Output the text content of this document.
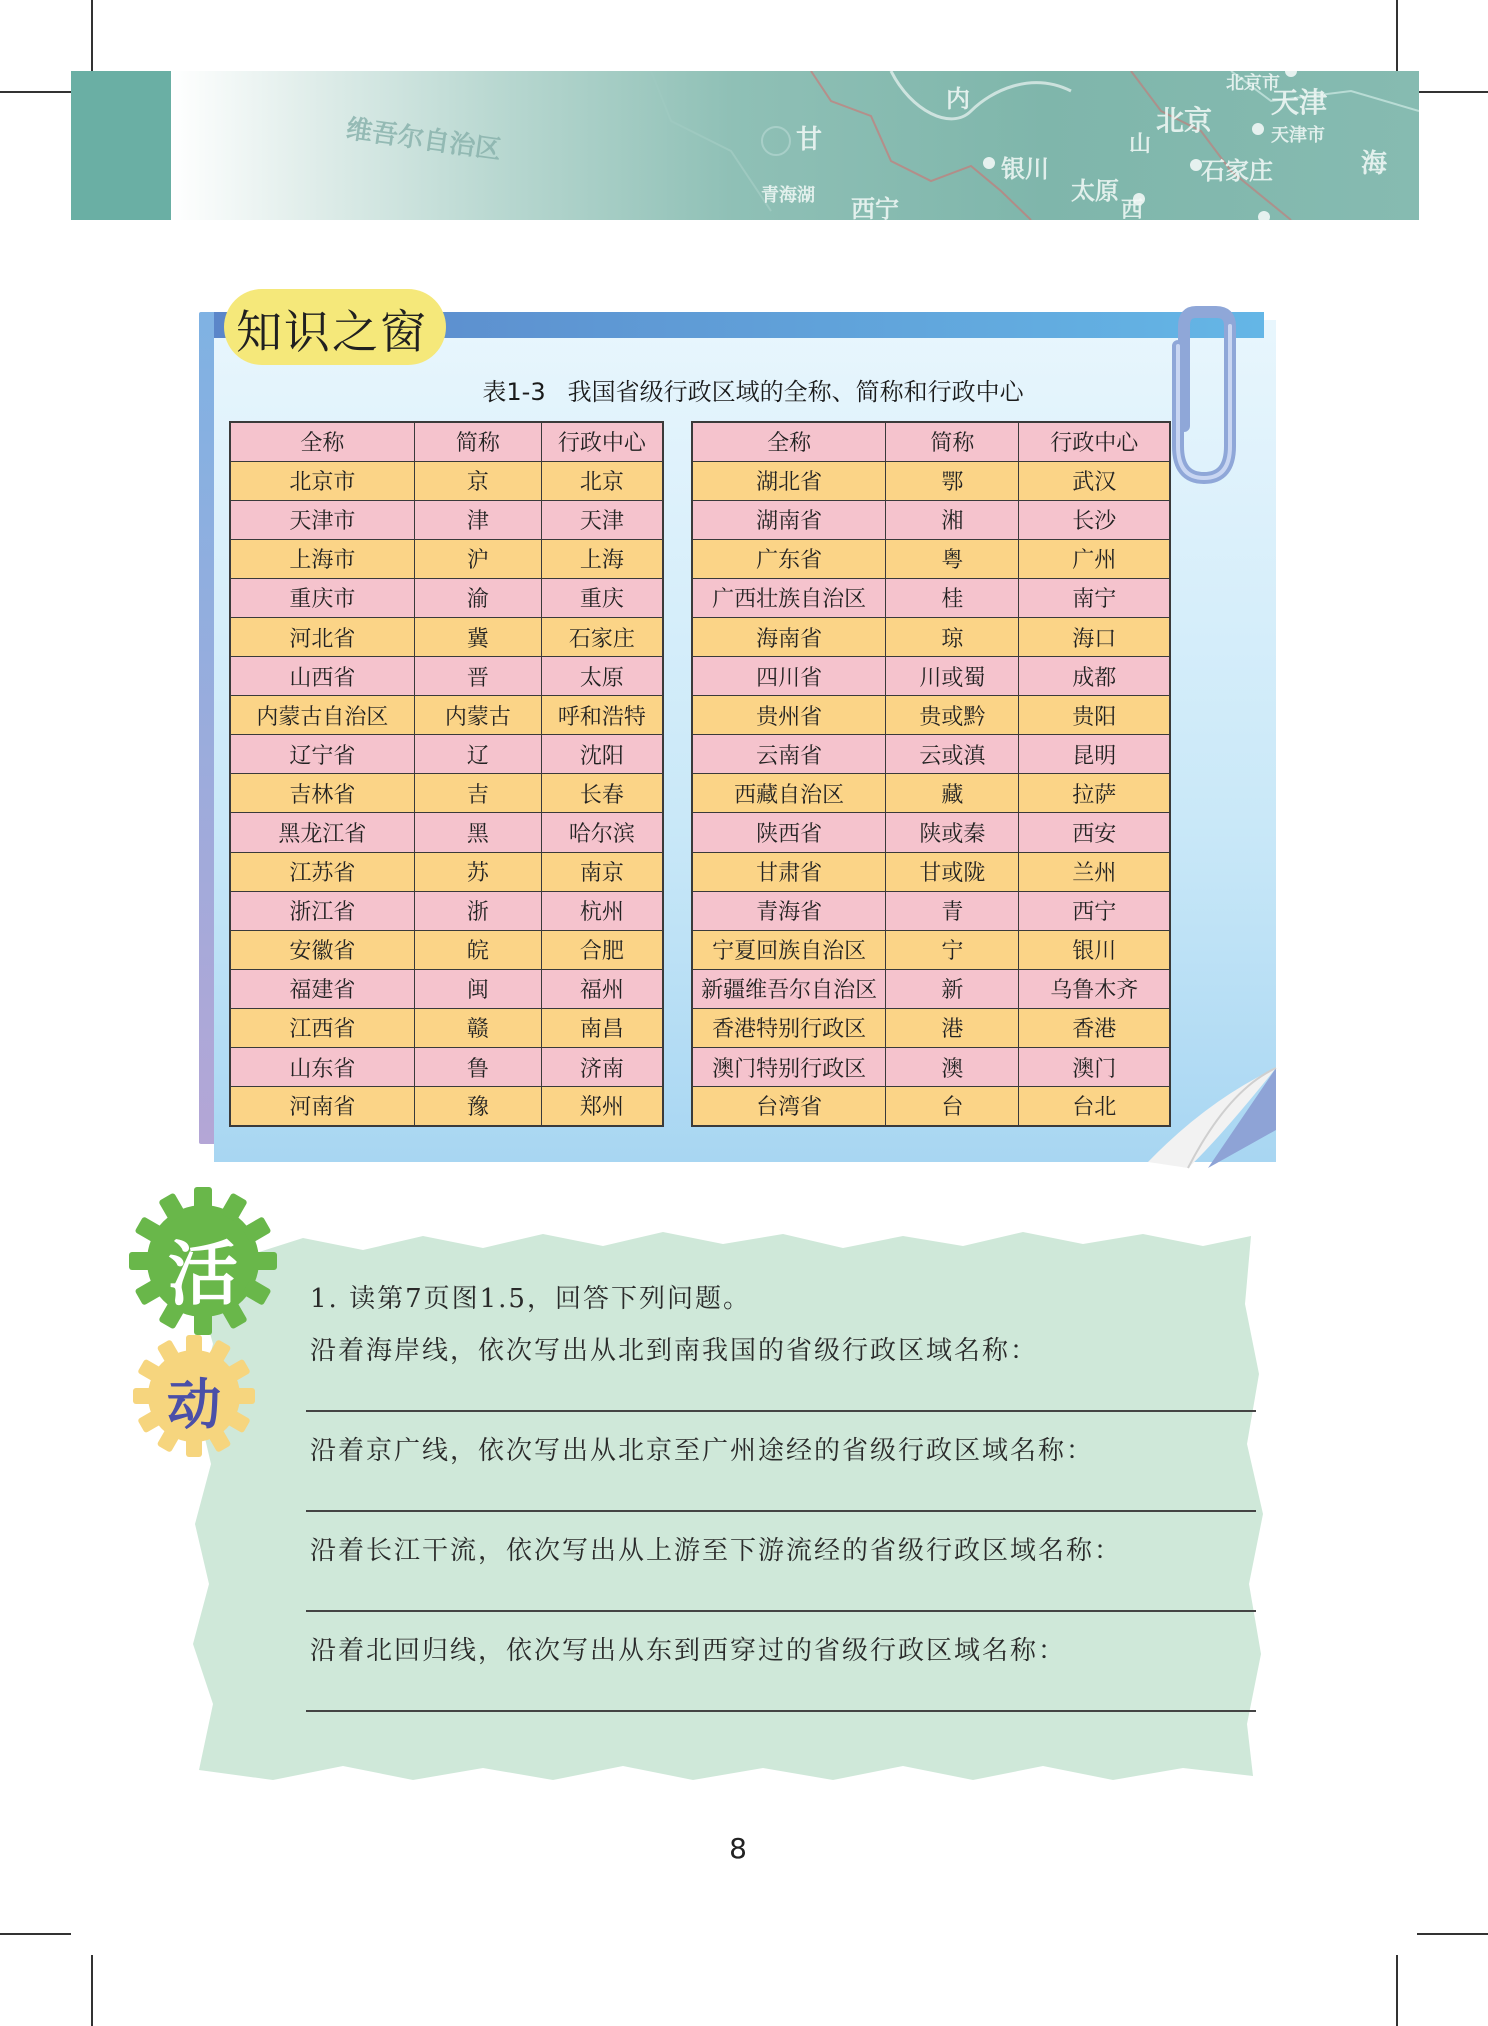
维吾尔自治区	甘
内
银川
太原
石家庄
北京
天津
天津市
北京市
青海湖 西宁	西
海
山
知识之窗
表1-3 我国省级行政区域的全称、简称和行政中心
全称	简称	行政中心
北京市	京	北京
天津市	津	天津
上海市	沪	上海
重庆市	渝	重庆
河北省	冀	石家庄
山西省	晋	太原
内蒙古自治区	内蒙古	呼和浩特
辽宁省	辽	沈阳
吉林省	吉	长春
黑龙江省	黑	哈尔滨
江苏省	苏	南京
浙江省	浙	杭州
安徽省	皖	合肥
福建省	闽	福州
江西省	赣	南昌
山东省	鲁	济南
河南省	豫	郑州
全称	简称	行政中心
湖北省	鄂	武汉
湖南省	湘	长沙
广东省	粤	广州
广西壮族自治区	桂	南宁
海南省	琼	海口
四川省	川或蜀	成都
贵州省	贵或黔	贵阳
云南省	云或滇	昆明
西藏自治区	藏	拉萨
陕西省	陕或秦	西安
甘肃省	甘或陇	兰州
青海省	青	西宁
宁夏回族自治区	宁	银川
新疆维吾尔自治区	新	乌鲁木齐
香港特别行政区	港	香港
澳门特别行政区	澳	澳门
台湾省	台	台北
活
动
1. 读第7页图1.5，回答下列问题。
沿着海岸线，依次写出从北到南我国的省级行政区域名称：
沿着京广线，依次写出从北京至广州途经的省级行政区域名称：
沿着长江干流，依次写出从上游至下游流经的省级行政区域名称：
沿着北回归线，依次写出从东到西穿过的省级行政区域名称：
8
